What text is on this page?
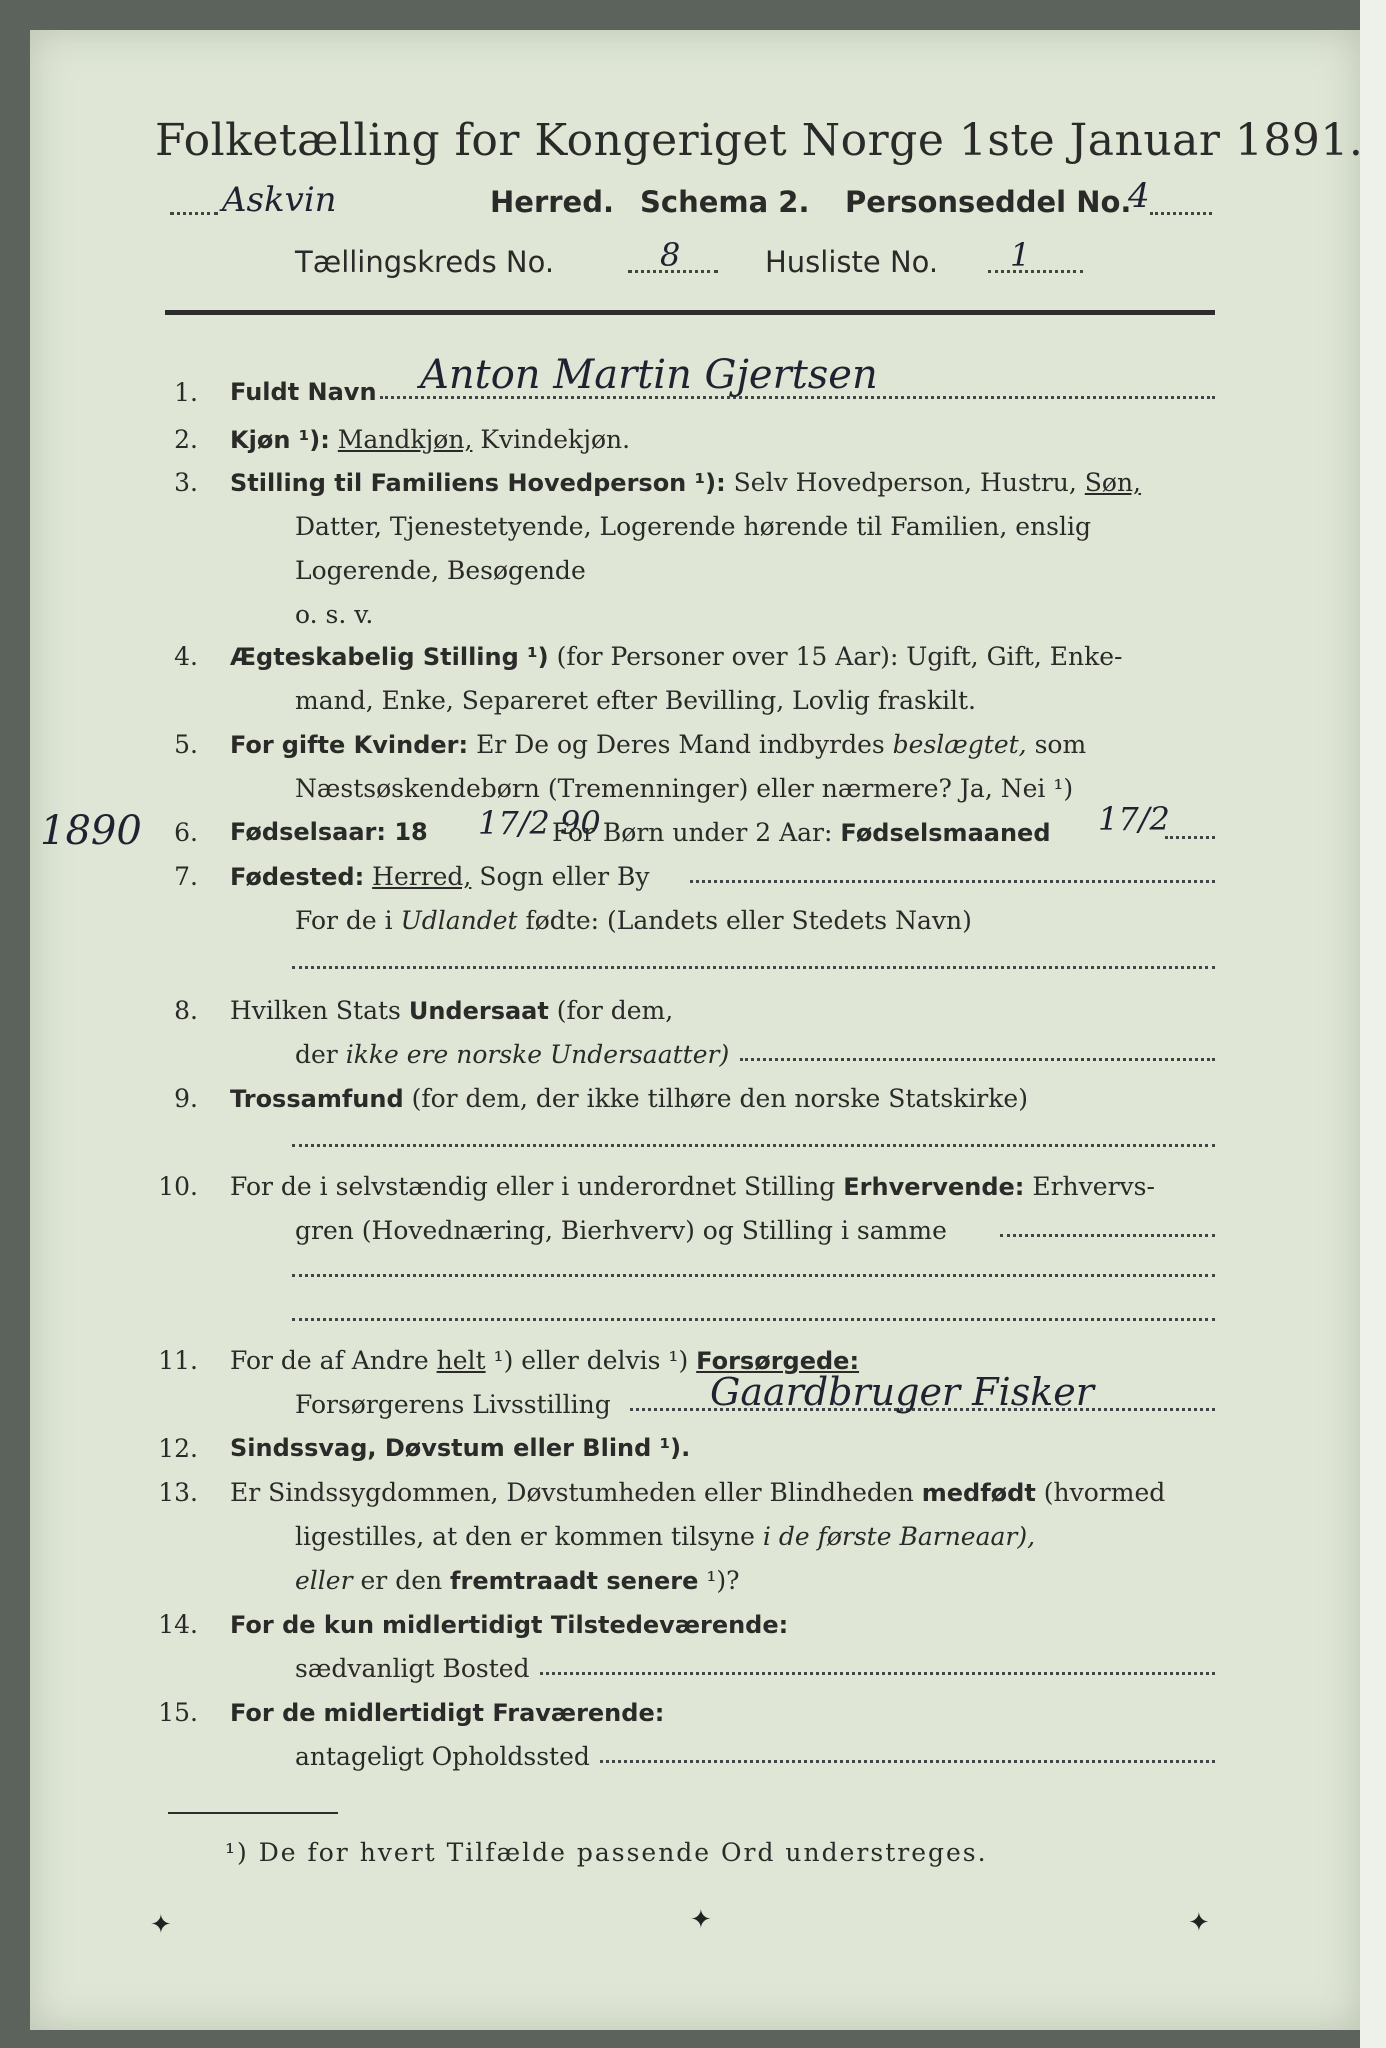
Folketælling for Kongeriget Norge 1ste Januar 1891.
Askvin	Herred. Schema 2. Personseddel No.
4
Tællingskreds No.	8	Husliste No. 1
1. Fuldt Navn Anton Martin Gjertsen
2. Kjøn ¹): Mandkjøn, Kvindekjøn.
3. Stilling til Familiens Hovedperson ¹): Selv Hovedperson, Hustru, Søn,
Datter, Tjenestetyende, Logerende hørende til Familien, enslig
Logerende, Besøgende
o. s. v.
4. Ægteskabelig Stilling ¹) (for Personer over 15 Aar): Ugift, Gift, Enke-
mand, Enke, Separeret efter Bevilling, Lovlig fraskilt.
5. For gifte Kvinder: Er De og Deres Mand indbyrdes beslægtet, som
Næstsøskendebørn (Tremenninger) eller nærmere? Ja, Nei ¹)
1890	6. Fødselsaar: 18 17/2 90
For Børn under 2 Aar: Fødselsmaaned 17/2
7. Fødested: Herred, Sogn eller By
For de i Udlandet fødte: (Landets eller Stedets Navn)
8. Hvilken Stats Undersaat (for dem,
der ikke ere norske Undersaatter)
9. Trossamfund (for dem, der ikke tilhøre den norske Statskirke)
10. For de i selvstændig eller i underordnet Stilling Erhvervende: Erhvervs-
gren (Hovednæring, Bierhverv) og Stilling i samme
11. For de af Andre helt ¹) eller delvis ¹) Forsørgede:
Forsørgerens Livsstilling	Gaardbruger Fisker
12. Sindssvag, Døvstum eller Blind ¹).
13. Er Sindssygdommen, Døvstumheden eller Blindheden medfødt (hvormed
ligestilles, at den er kommen tilsyne i de første Barneaar),
eller er den fremtraadt senere ¹)?
14. For de kun midlertidigt Tilstedeværende:
sædvanligt Bosted
15. For de midlertidigt Fraværende:
antageligt Opholdssted
¹) De for hvert Tilfælde passende Ord understreges.
✦	✦	✦
